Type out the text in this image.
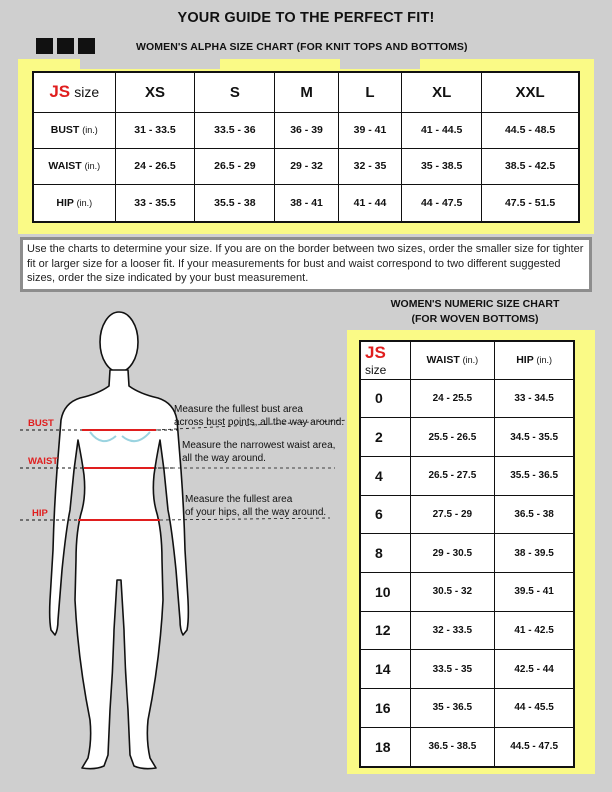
YOUR GUIDE TO THE PERFECT FIT!
WOMEN'S ALPHA SIZE CHART (FOR KNIT TOPS AND BOTTOMS)
JS size	XS	S	M	L	XL	XXL
BUST (in.)	31 - 33.5	33.5 - 36	36 - 39	39 - 41	41 - 44.5	44.5 - 48.5
WAIST (in.)	24 - 26.5	26.5 - 29	29 - 32	32 - 35	35 - 38.5	38.5 - 42.5
HIP (in.)	33 - 35.5	35.5 - 38	38 - 41	41 - 44	44 - 47.5	47.5 - 51.5
Use the charts to determine your size. If you are on the border between two sizes, order the smaller size for tighter fit or larger size for a looser fit. If your measurements for bust and waist correspond to two different suggested sizes, order the size indicated by your bust measurement.
BUST
WAIST
HIP
Measure the fullest bust area
across bust points, all the way around.
Measure the narrowest waist area,
all the way around.
Measure the fullest area
of your hips, all the way around.
WOMEN'S NUMERIC SIZE CHART
(FOR WOVEN BOTTOMS)
JS size	WAIST (in.)	HIP (in.)
0	24 - 25.5	33 - 34.5
2	25.5 - 26.5	34.5 - 35.5
4	26.5 - 27.5	35.5 - 36.5
6	27.5 - 29	36.5 - 38
8	29 - 30.5	38 - 39.5
10	30.5 - 32	39.5 - 41
12	32 - 33.5	41 - 42.5
14	33.5 - 35	42.5 - 44
16	35 - 36.5	44 - 45.5
18	36.5 - 38.5	44.5 - 47.5
